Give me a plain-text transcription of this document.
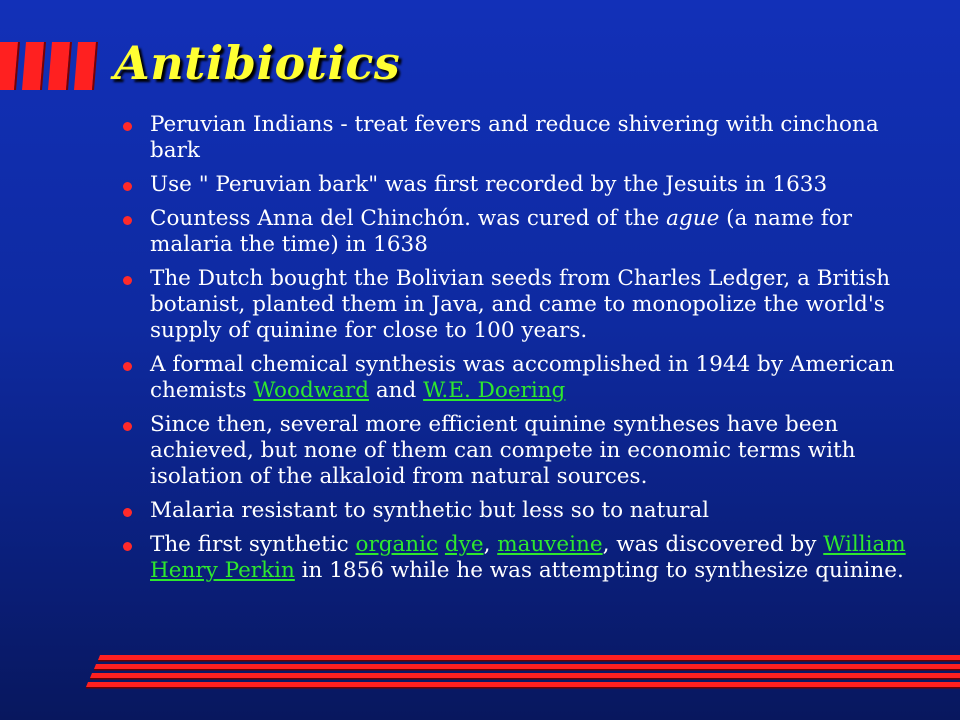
Antibiotics
Peruvian Indians - treat fevers and reduce shivering with cinchona bark
Use " Peruvian bark" was first recorded by the Jesuits in 1633
Countess Anna del Chinchón. was cured of the ague (a name for malaria the time) in 1638
The Dutch bought the Bolivian seeds from Charles Ledger, a British botanist, planted them in Java, and came to monopolize the world's supply of quinine for close to 100 years.
A formal chemical synthesis was accomplished in 1944 by American chemists Woodward and W.E. Doering
Since then, several more efficient quinine syntheses have been achieved, but none of them can compete in economic terms with isolation of the alkaloid from natural sources.
Malaria resistant to synthetic but less so to natural
The first synthetic organic dye, mauveine, was discovered by William Henry Perkin in 1856 while he was attempting to synthesize quinine.
